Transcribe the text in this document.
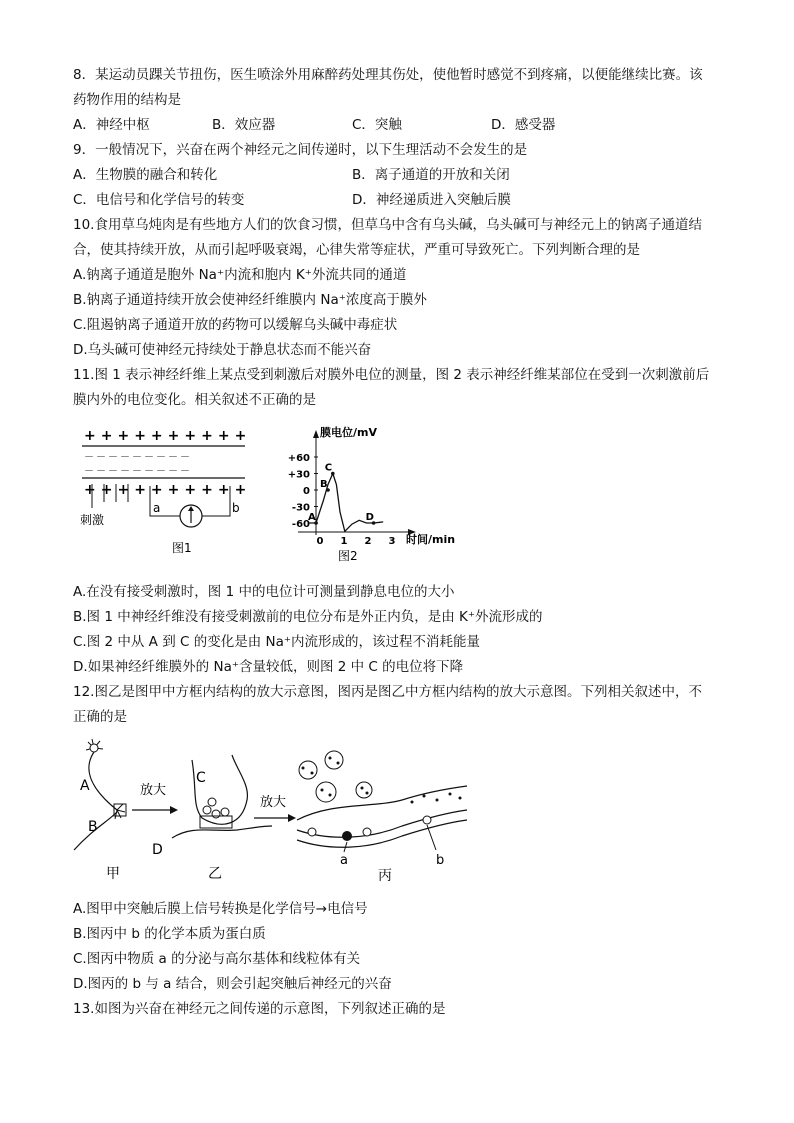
8．某运动员踝关节扭伤，医生喷涂外用麻醉药处理其伤处，使他暂时感觉不到疼痛，以便能继续比赛。该
药物作用的结构是
A．神经中枢	B．效应器	C．突触	D．感受器
9．一般情况下，兴奋在两个神经元之间传递时，以下生理活动不会发生的是
A．生物膜的融合和转化	B．离子通道的开放和关闭
C．电信号和化学信号的转变	D．神经递质进入突触后膜
10.食用草乌炖肉是有些地方人们的饮食习惯，但草乌中含有乌头碱，乌头碱可与神经元上的钠离子通道结
合，使其持续开放，从而引起呼吸衰竭，心律失常等症状，严重可导致死亡。下列判断合理的是
A.钠离子通道是胞外 Na⁺内流和胞内 K⁺外流共同的通道
B.钠离子通道持续开放会使神经纤维膜内 Na⁺浓度高于膜外
C.阻遏钠离子通道开放的药物可以缓解乌头碱中毒症状
D.乌头碱可使神经元持续处于静息状态而不能兴奋
11.图 1 表示神经纤维上某点受到刺激后对膜外电位的测量，图 2 表示神经纤维某部位在受到一次刺激前后
膜内外的电位变化。相关叙述不正确的是
++++++++++
－－－－－－－－－
－－－－－－－－－
++++++++++
刺激
a	b
图1
膜电位/mV
时间/min
+60
+30
0
-30
-60
0 1 2 3
A
B
C
D
图2
A.在没有接受刺激时，图 1 中的电位计可测量到静息电位的大小
B.图 1 中神经纤维没有接受刺激前的电位分布是外正内负，是由 K⁺外流形成的
C.图 2 中从 A 到 C 的变化是由 Na⁺内流形成的，该过程不消耗能量
D.如果神经纤维膜外的 Na⁺含量较低，则图 2 中 C 的电位将下降
12.图乙是图甲中方框内结构的放大示意图，图丙是图乙中方框内结构的放大示意图。下列相关叙述中，不
正确的是
A
B
甲
放大
C
D
乙
放大
a	b
丙
A.图甲中突触后膜上信号转换是化学信号→电信号
B.图丙中 b 的化学本质为蛋白质
C.图丙中物质 a 的分泌与高尔基体和线粒体有关
D.图丙的 b 与 a 结合，则会引起突触后神经元的兴奋
13.如图为兴奋在神经元之间传递的示意图，下列叙述正确的是
